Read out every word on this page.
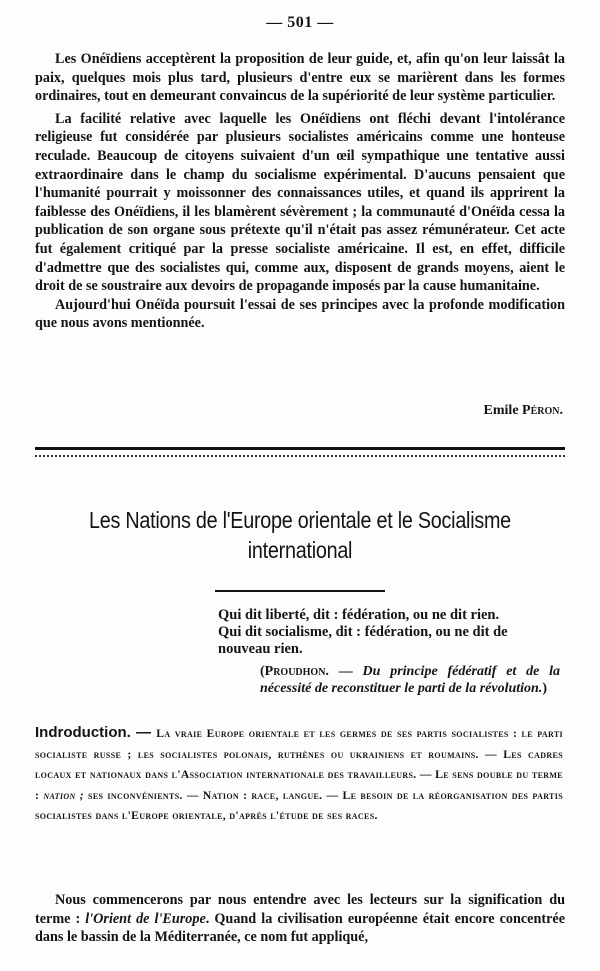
— 501 —

Les Onéïdiens acceptèrent la proposition de leur guide, et, afin qu'on leur laissât la paix, quelques mois plus tard, plusieurs d'entre eux se marièrent dans les formes ordinaires, tout en demeurant convaincus de la supériorité de leur système particulier.

La facilité relative avec laquelle les Onéïdiens ont fléchi devant l'intolérance religieuse fut considérée par plusieurs socialistes américains comme une honteuse reculade. Beaucoup de citoyens suivaient d'un œil sympathique une tentative aussi extraordinaire dans le champ du socialisme expérimental. D'aucuns pensaient que l'humanité pourrait y moissonner des connaissances utiles, et quand ils apprirent la faiblesse des Onéïdiens, il les blamèrent sévèrement ; la communauté d'Onéïda cessa la publication de son organe sous prétexte qu'il n'était pas assez rémunérateur. Cet acte fut également critiqué par la presse socialiste américaine. Il est, en effet, difficile d'admettre que des socialistes qui, comme aux, disposent de grands moyens, aient le droit de se soustraire aux devoirs de propagande imposés par la cause humanitaine.

Aujourd'hui Onéïda poursuit l'essai de ses principes avec la profonde modification que nous avons mentionnée.

Emile Péron.
Les Nations de l'Europe orientale et le Socialisme international
Qui dit liberté, dit : fédération, ou ne dit rien.
Qui dit socialisme, dit : fédération, ou ne dit de nouveau rien.
(Proudhon. — Du principe fédératif et de la nécessité de reconstituer le parti de la révolution.)
Indroduction. — La vraie Europe orientale et les germes de ses partis socialistes : le parti socialiste russe ; les socialistes polonais, ruthènes ou ukrainiens et roumains. — Les cadres locaux et nationaux dans l'Association internationale des travailleurs. — Le sens double du terme : nation ; ses inconvénients. — Nation : race, langue. — Le besoin de la réorganisation des partis socialistes dans l'Europe orientale, d'après l'étude de ses races.

Nous commencerons par nous entendre avec les lecteurs sur la signification du terme : l'Orient de l'Europe. Quand la civilisation européenne était encore concentrée dans le bassin de la Méditerranée, ce nom fut appliqué,
